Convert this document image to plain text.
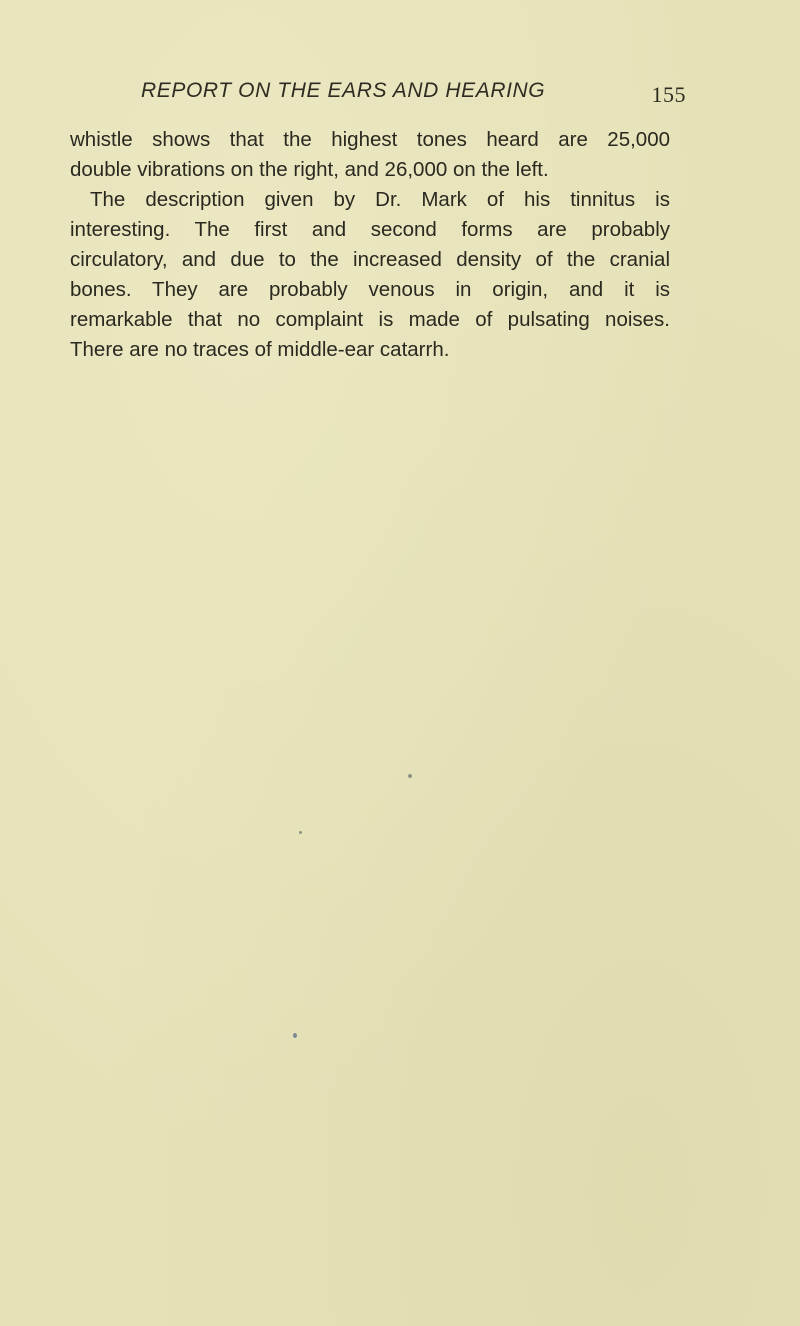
REPORT ON THE EARS AND HEARING	155
whistle shows that the highest tones heard are 25,000
double vibrations on the right, and 26,000 on the left.
The description given by Dr. Mark of his tinnitus is
interesting. The first and second forms are probably
circulatory, and due to the increased density of the cranial
bones. They are probably venous in origin, and it is
remarkable that no complaint is made of pulsating noises.
There are no traces of middle-ear catarrh.
